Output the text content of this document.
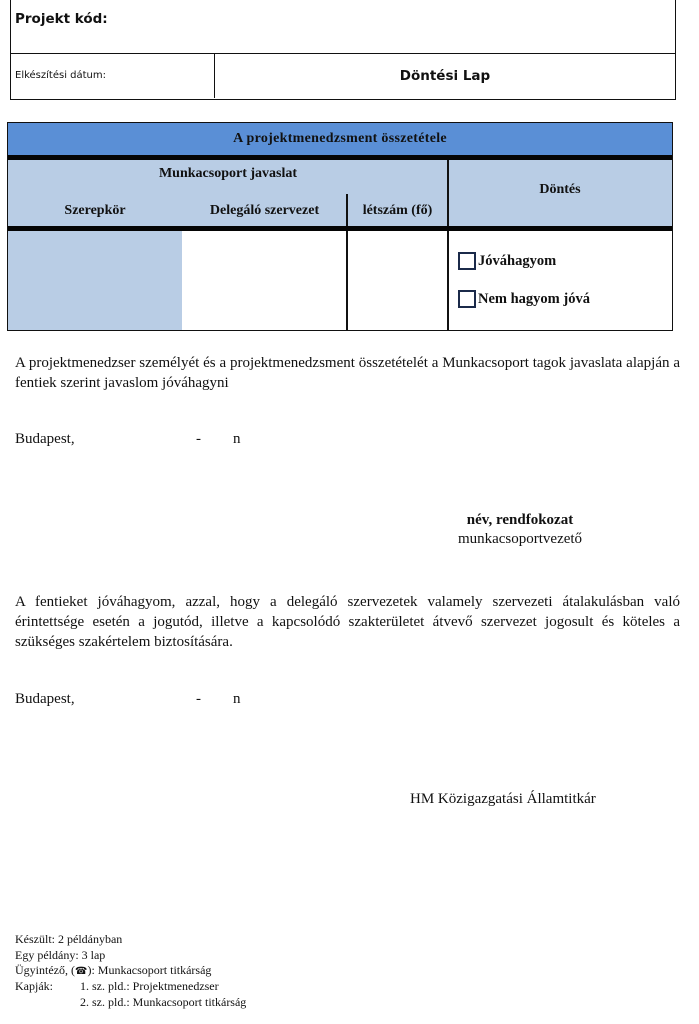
Projekt kód:
Elkészítési dátum:	Döntési Lap
A projektmenedzsment összetétele
Munkacsoport javaslat
Szerepkör	Delegáló szervezet	létszám (fő)
Döntés
Jóváhagyom
Nem hagyom jóvá
A projektmenedzser személyét és a projektmenedzsment összetételét a Munkacsoport tagok javaslata alapján a fentiek szerint javaslom jóváhagyni
Budapest,	- n
név, rendfokozat
munkacsoportvezető
A fentieket jóváhagyom, azzal, hogy a delegáló szervezetek valamely szervezeti átalakulásban való érintettsége esetén a jogutód, illetve a kapcsolódó szakterületet átvevő szervezet jogosult és köteles a szükséges szakértelem biztosítására.
Budapest,	- n
HM Közigazgatási Államtitkár
Készült: 2 példányban
Egy példány: 3 lap
Ügyintéző, (☎): Munkacsoport titkárság
Kapják: 1. sz. pld.: Projektmenedzser
2. sz. pld.: Munkacsoport titkárság
